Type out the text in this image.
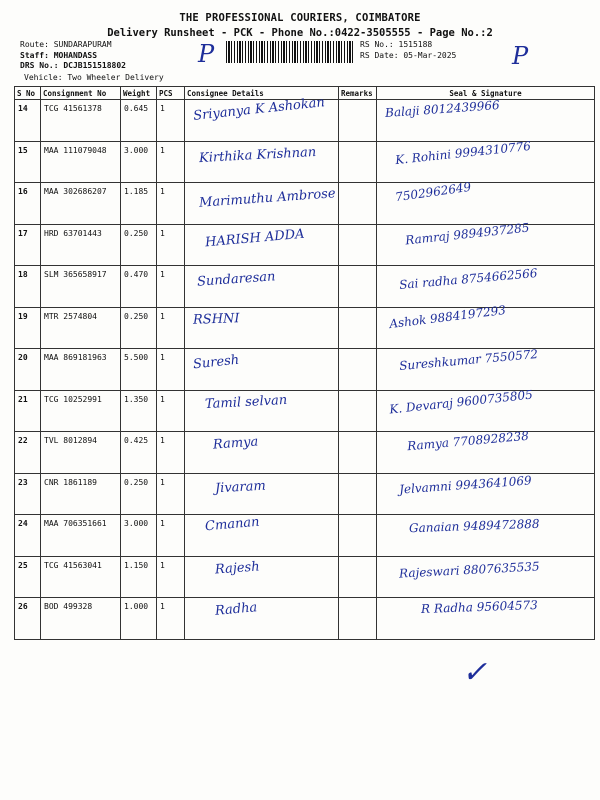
THE PROFESSIONAL COURIERS, COIMBATORE
Delivery Runsheet - PCK - Phone No.:0422-3505555 - Page No.:2
Route: SUNDARAPURAM
Staff: MOHANDASS
DRS No.: DCJB151518802
RS No.: 1515188
RS Date: 05-Mar-2025
Vehicle: Two Wheeler Delivery
P	P
S No	Consignment No	Weight	PCS	Consignee Details	Remarks	Seal & Signature
14	TCG 41561378	0.645	1	Sriyanya K Ashokan		Balaji 8012439966

15	MAA 111079048	3.000	1	Kirthika Krishnan		K. Rohini 9994310776

16	MAA 302686207	1.185	1	Marimuthu Ambrose		7502962649

17	HRD 63701443	0.250	1	HARISH ADDA		Ramraj 9894937285

18	SLM 365658917	0.470	1	Sundaresan		Sai radha 8754662566

19	MTR 2574804	0.250	1	RSHNI		Ashok 9884197293

20	MAA 869181963	5.500	1	Suresh		Sureshkumar 7550572

21	TCG 10252991	1.350	1	Tamil selvan		K. Devaraj 9600735805

22	TVL 8012894	0.425	1	Ramya		Ramya 7708928238

23	CNR 1861189	0.250	1	Jivaram		Jelvamni 9943641069

24	MAA 706351661	3.000	1	Cmanan		Ganaian 9489472888

25	TCG 41563041	1.150	1	Rajesh		Rajeswari 8807635535

26	BOD 499328	1.000	1	Radha		R Radha 95604573
✓
